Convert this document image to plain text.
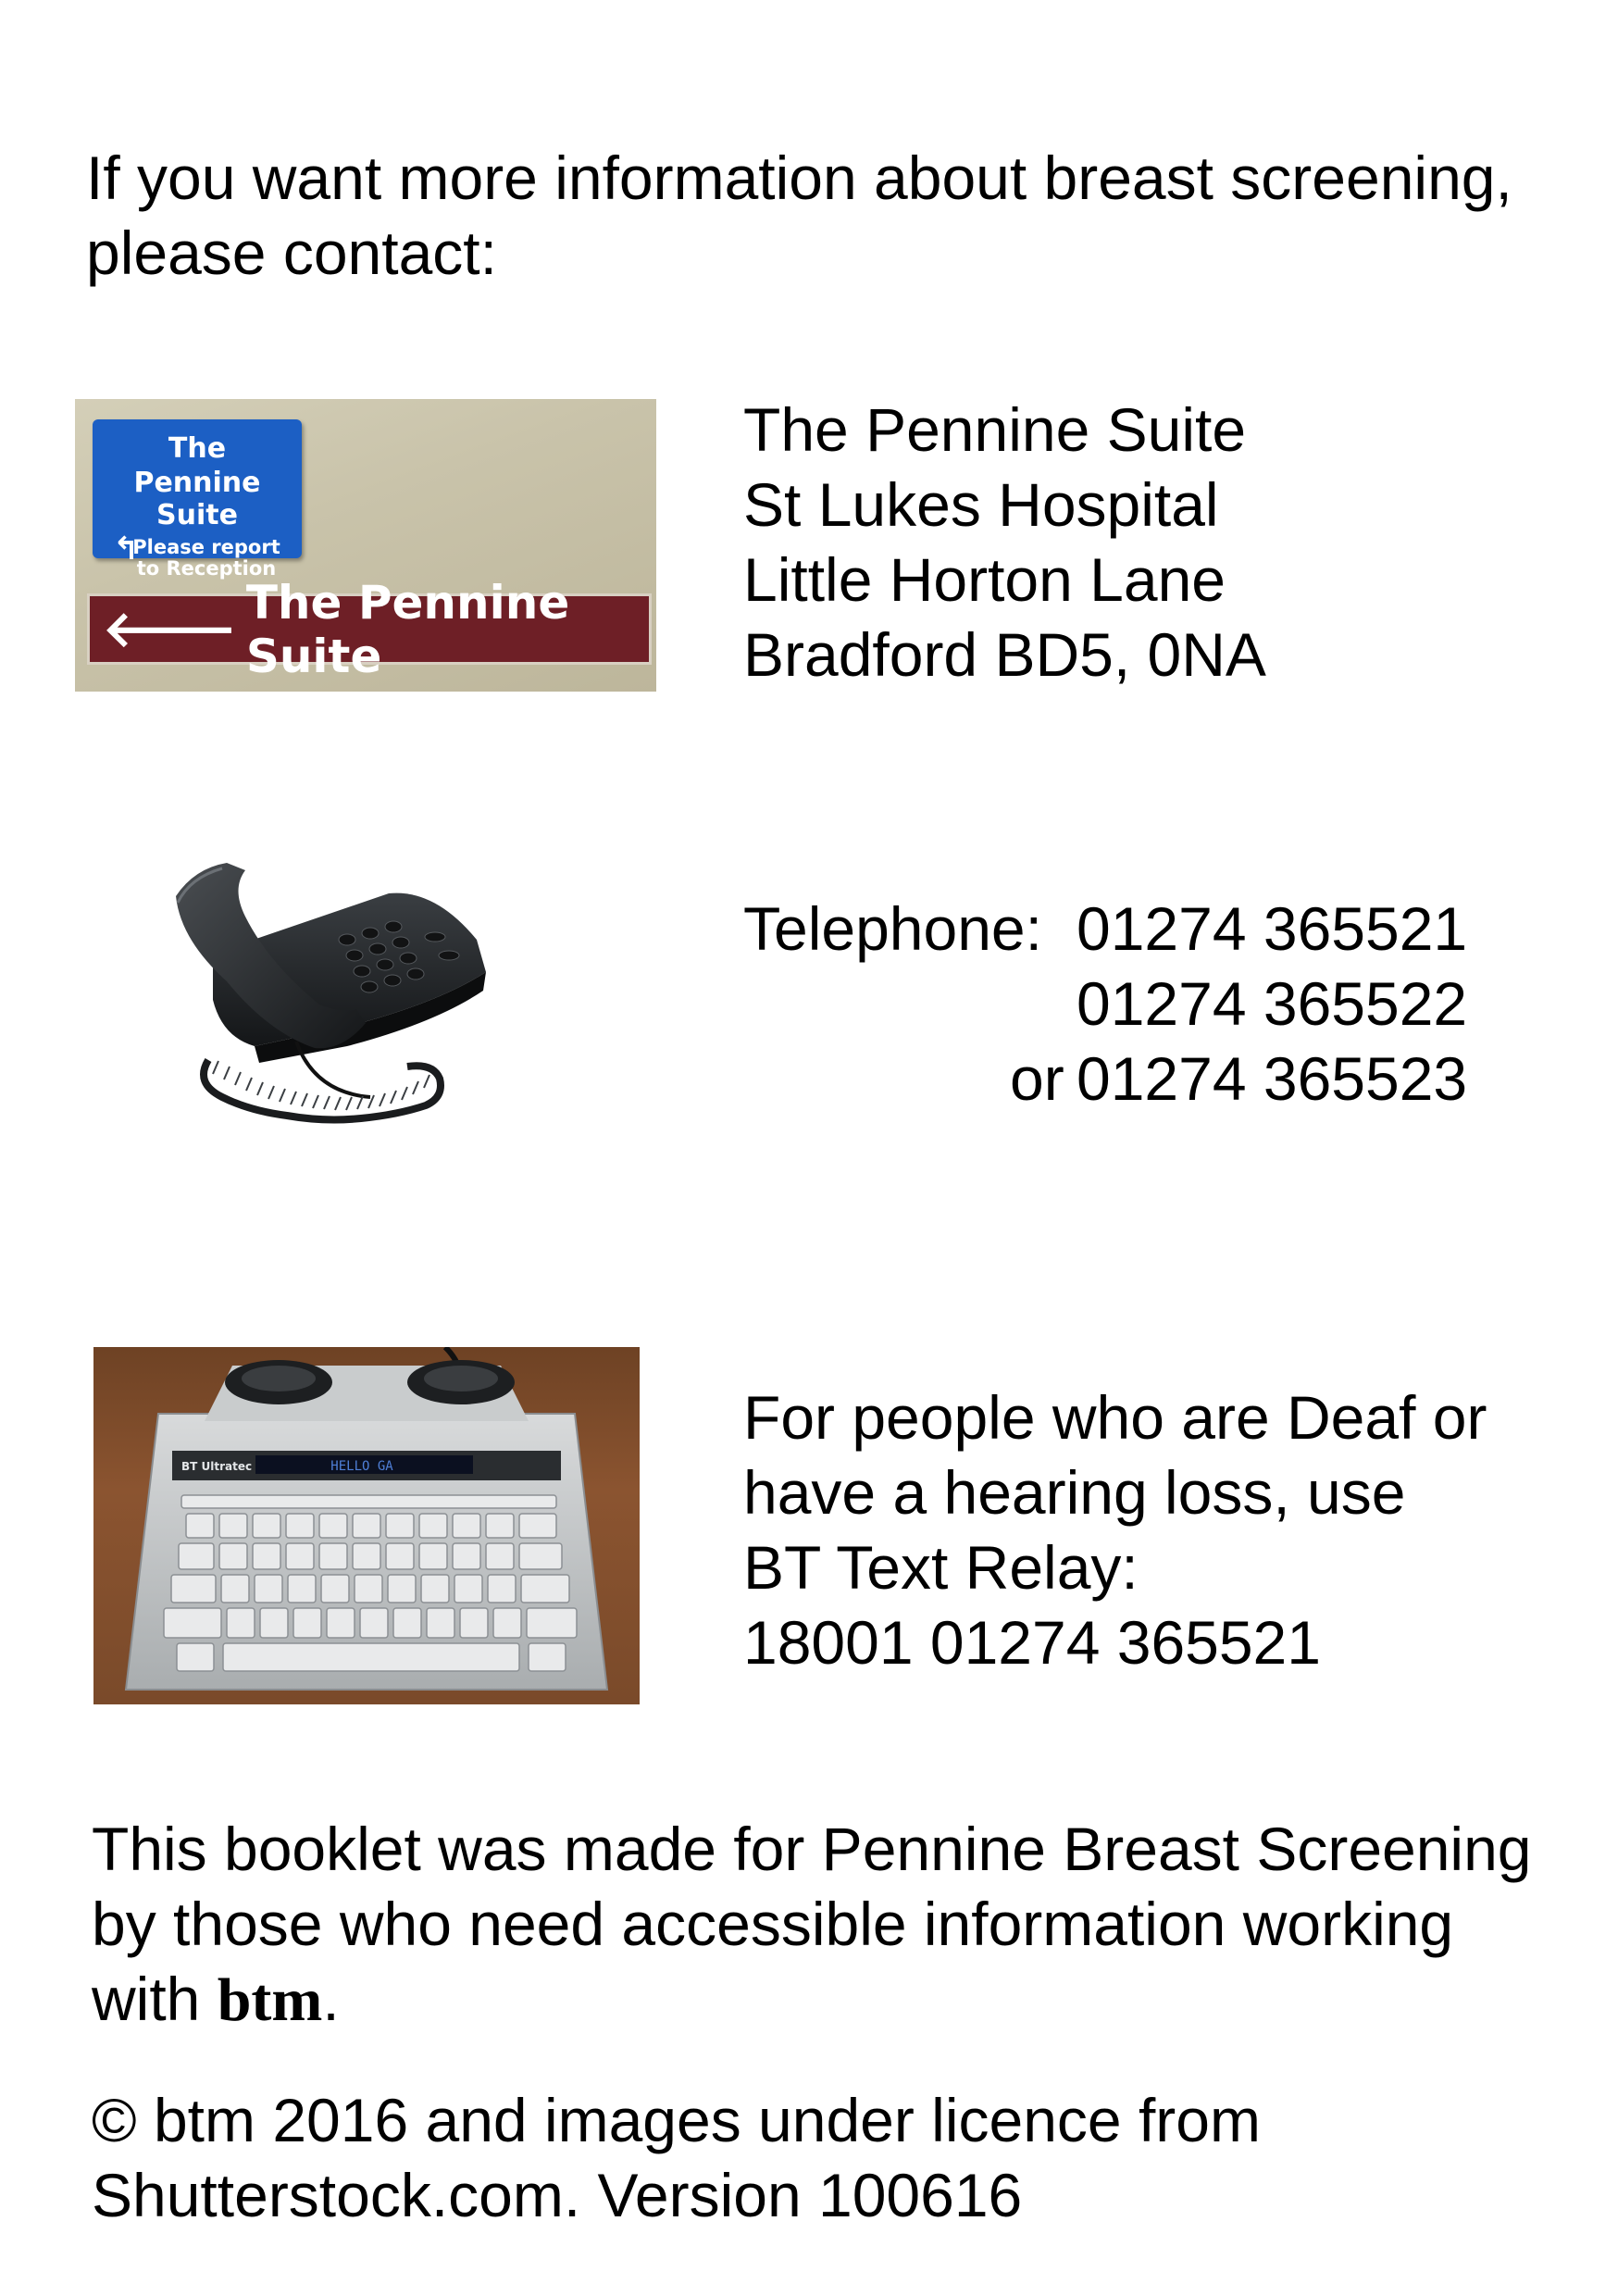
If you want more information about breast screening,
please contact:
The
Pennine Suite
↰
Please report
to Reception
🡐 The Pennine Suite
The Pennine Suite
St Lukes Hospital
Little Horton Lane
Bradford BD5, 0NA
Telephone: 01274 365521
01274 365522
or 01274 365523
HELLO GA
BT Ultratec
For people who are Deaf or
have a hearing loss, use
BT Text Relay:
18001 01274 365521
This booklet was made for Pennine Breast Screening
by those who need accessible information working
with btm.
© btm 2016 and images under licence from
Shutterstock.com. Version 100616
